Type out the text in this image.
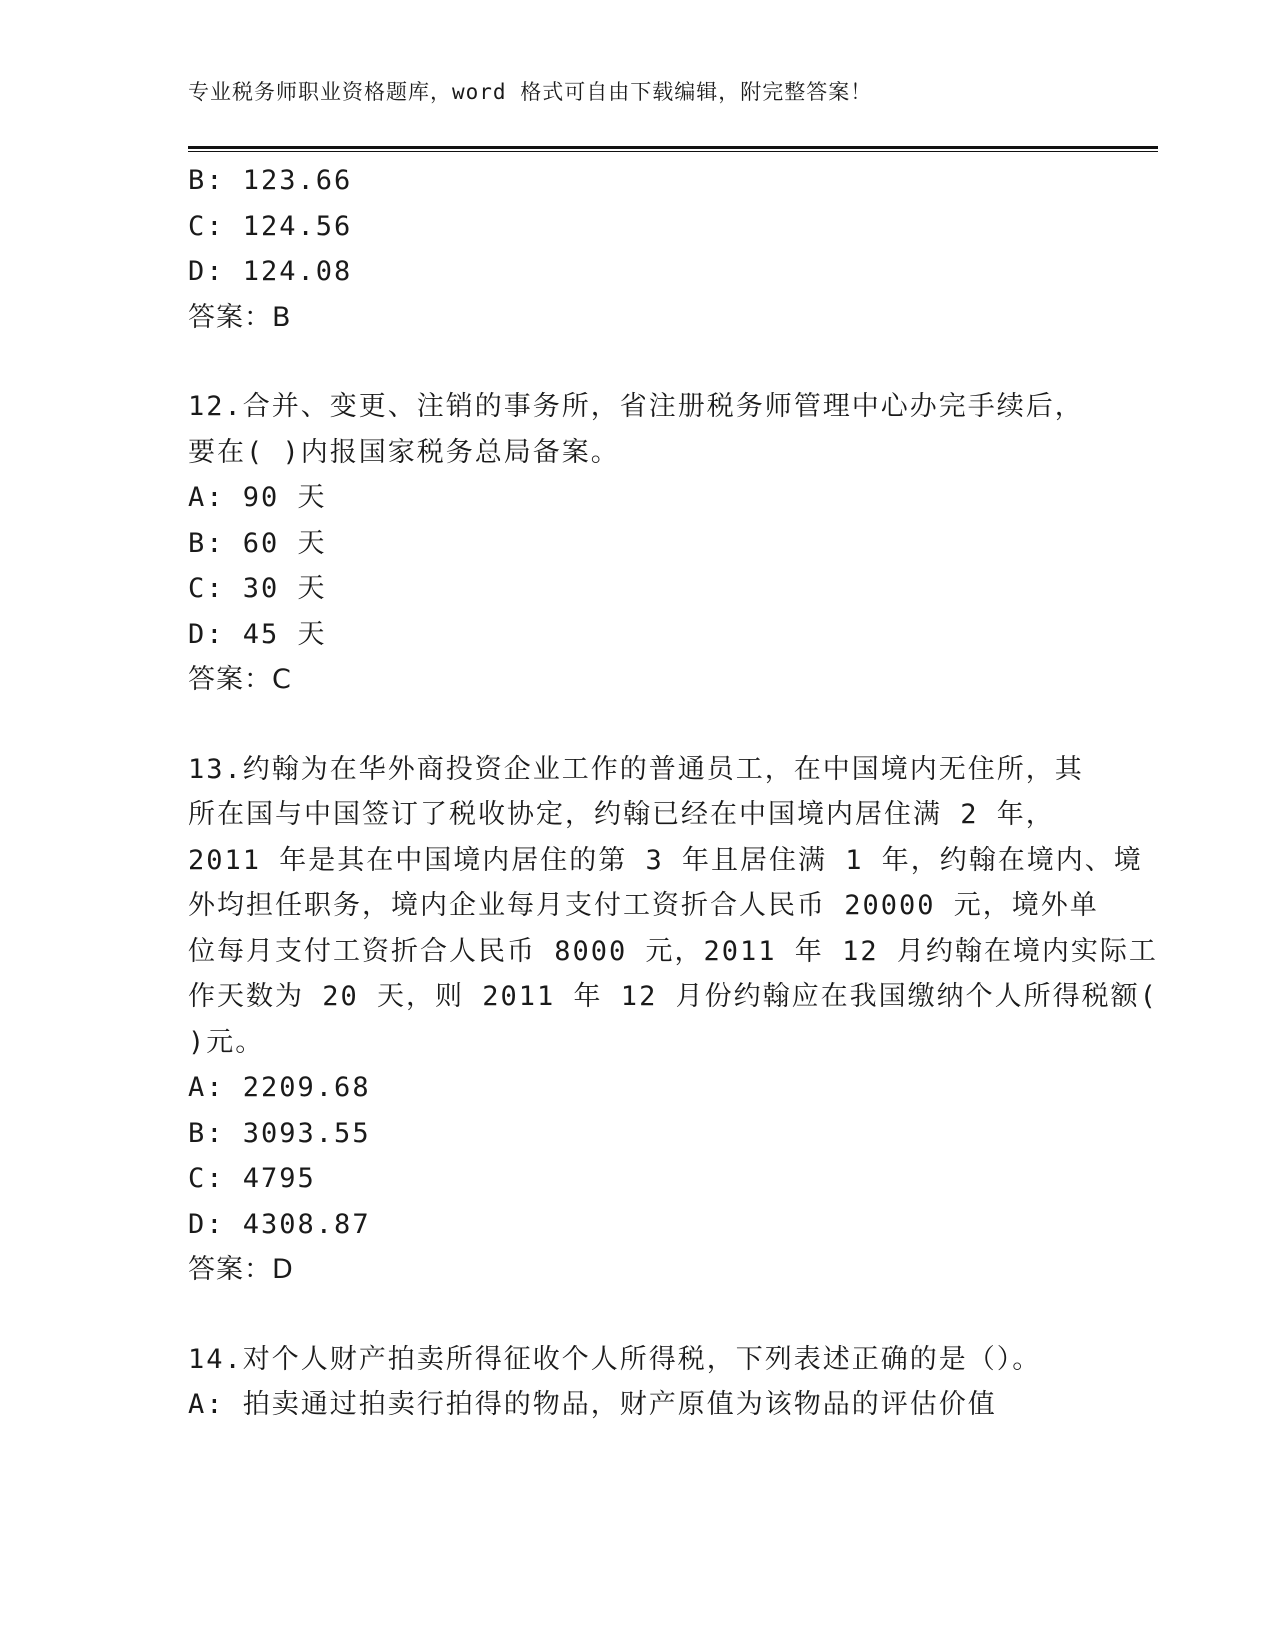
专业税务师职业资格题库，word 格式可自由下载编辑，附完整答案！
B: 123.66
C: 124.56
D: 124.08
答案：B
12.合并、变更、注销的事务所，省注册税务师管理中心办完手续后，
要在( )内报国家税务总局备案。
A: 90 天
B: 60 天
C: 30 天
D: 45 天
答案：C
13.约翰为在华外商投资企业工作的普通员工，在中国境内无住所，其
所在国与中国签订了税收协定，约翰已经在中国境内居住满 2 年，
2011 年是其在中国境内居住的第 3 年且居住满 1 年，约翰在境内、境
外均担任职务，境内企业每月支付工资折合人民币 20000 元，境外单
位每月支付工资折合人民币 8000 元，2011 年 12 月约翰在境内实际工
作天数为 20 天，则 2011 年 12 月份约翰应在我国缴纳个人所得税额(
)元。
A: 2209.68
B: 3093.55
C: 4795
D: 4308.87
答案：D
14.对个人财产拍卖所得征收个人所得税，下列表述正确的是（）。
A: 拍卖通过拍卖行拍得的物品，财产原值为该物品的评估价值
